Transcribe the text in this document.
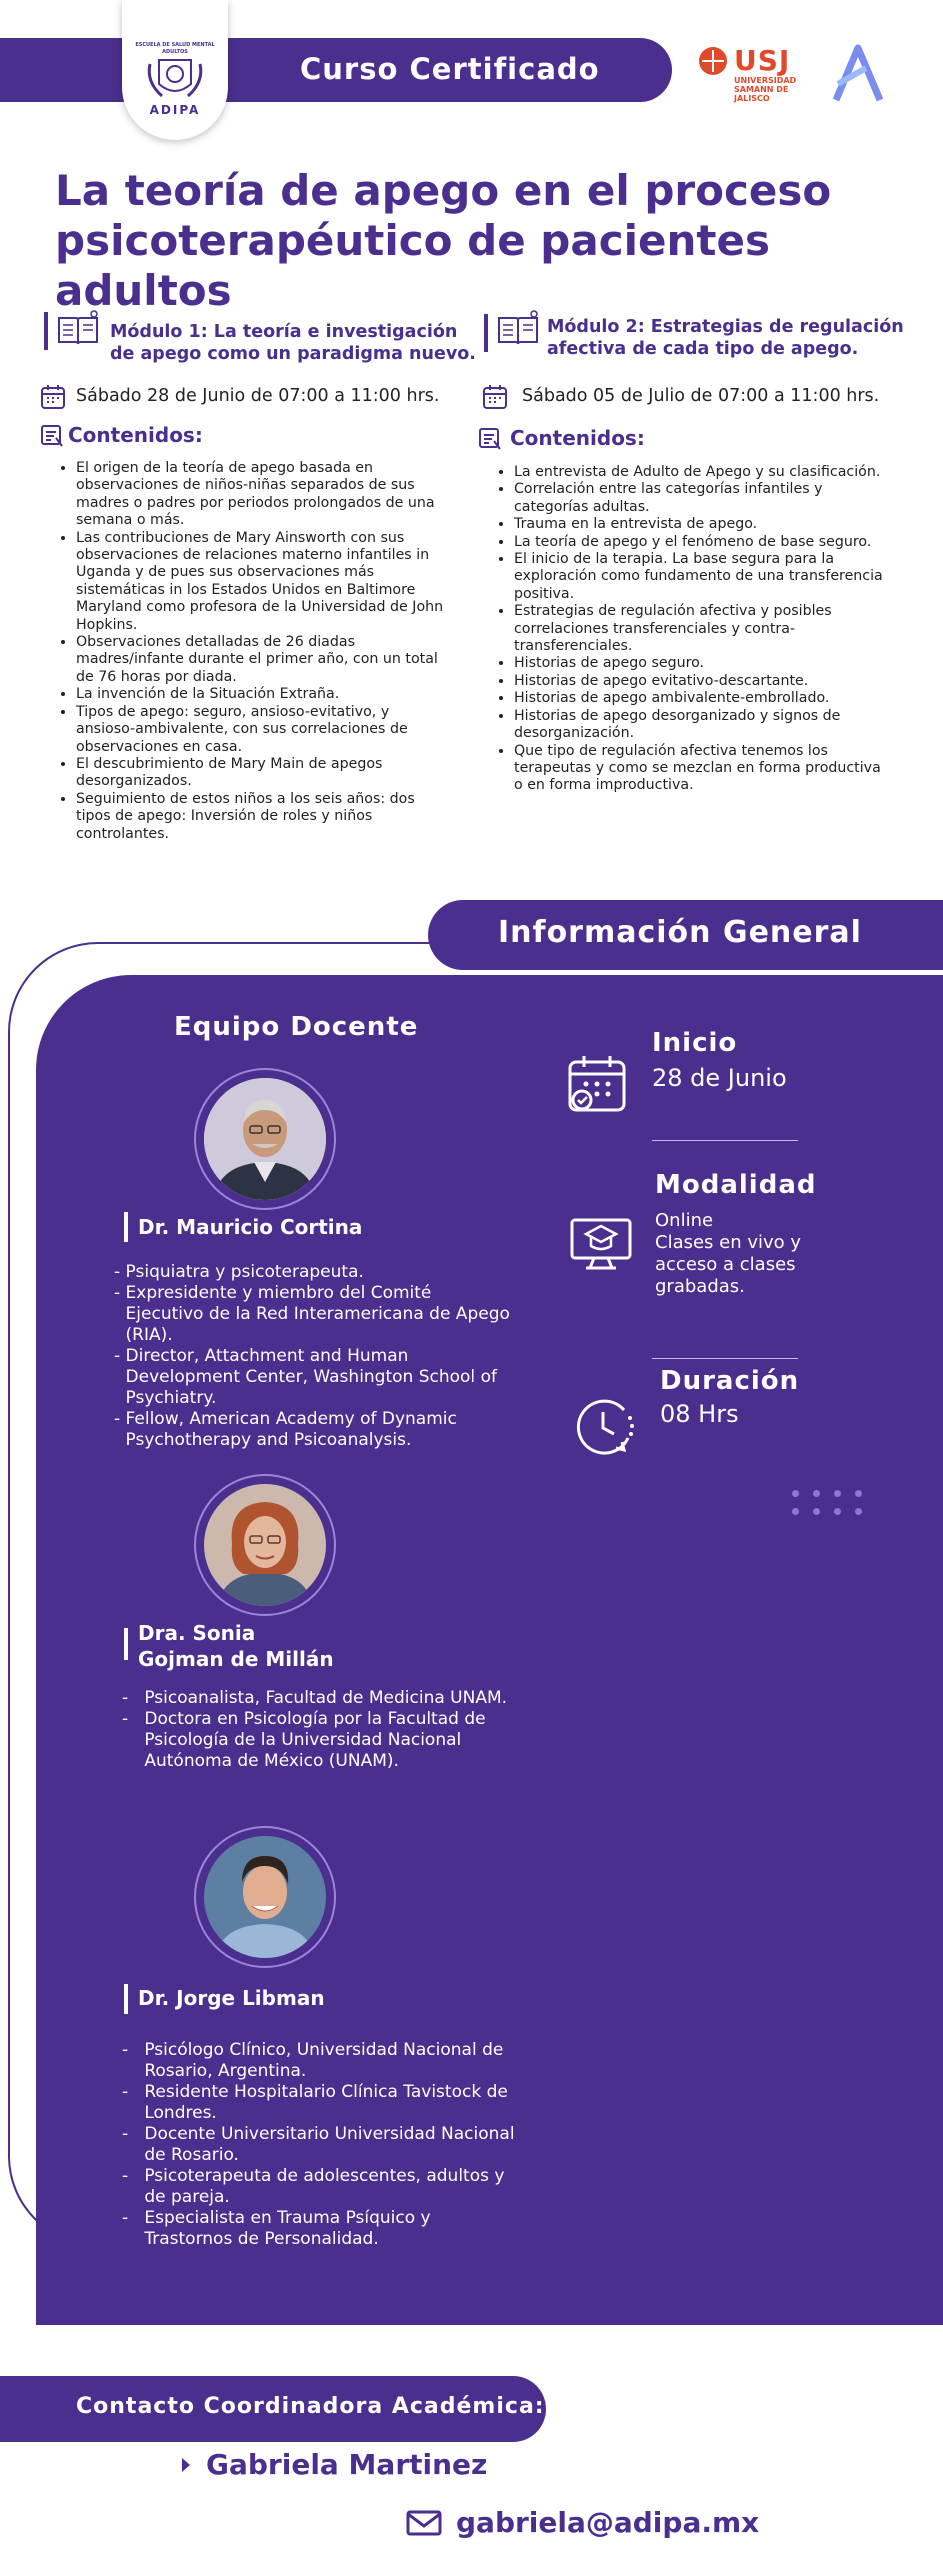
Curso Certificado
ESCUELA DE SALUD MENTAL
ADULTOS
ADIPA
USJ
UNIVERSIDAD SAMANN DE JALISCO
La teoría de apego en el proceso psicoterapéutico de pacientes adultos
Módulo 1: La teoría e investigación de apego como un paradigma nuevo.
Sábado 28 de Junio de 07:00 a 11:00 hrs.
Contenidos:
• El origen de la teoría de apego basada en observaciones de niños-niñas separados de sus madres o padres por periodos prolongados de una semana o más.
• Las contribuciones de Mary Ainsworth con sus observaciones de relaciones materno infantiles in Uganda y de pues sus observaciones más sistemáticas in los Estados Unidos en Baltimore Maryland como profesora de la Universidad de John Hopkins.
• Observaciones detalladas de 26 diadas madres/infante durante el primer año, con un total de 76 horas por diada.
• La invención de la Situación Extraña.
• Tipos de apego: seguro, ansioso-evitativo, y ansioso-ambivalente, con sus correlaciones de observaciones en casa.
• El descubrimiento de Mary Main de apegos desorganizados.
• Seguimiento de estos niños a los seis años: dos tipos de apego: Inversión de roles y niños controlantes.
Módulo 2: Estrategias de regulación afectiva de cada tipo de apego.
Sábado 05 de Julio de 07:00 a 11:00 hrs.
Contenidos:
• La entrevista de Adulto de Apego y su clasificación.
• Correlación entre las categorías infantiles y categorías adultas.
• Trauma en la entrevista de apego.
• La teoría de apego y el fenómeno de base seguro.
• El inicio de la terapia. La base segura para la exploración como fundamento de una transferencia positiva.
• Estrategias de regulación afectiva y posibles correlaciones transferenciales y contra-transferenciales.
• Historias de apego seguro.
• Historias de apego evitativo-descartante.
• Historias de apego ambivalente-embrollado.
• Historias de apego desorganizado y signos de desorganización.
• Que tipo de regulación afectiva tenemos los terapeutas y como se mezclan en forma productiva o en forma improductiva.
Información General
Equipo Docente
Dr. Mauricio Cortina
- Psiquiatra y psicoterapeuta.
- Expresidente y miembro del Comité Ejecutivo de la Red Interamericana de Apego (RIA).
- Director, Attachment and Human Development Center, Washington School of Psychiatry.
- Fellow, American Academy of Dynamic Psychotherapy and Psicoanalysis.
Dra. Sonia
Gojman de Millán
- Psicoanalista, Facultad de Medicina UNAM.
- Doctora en Psicología por la Facultad de Psicología de la Universidad Nacional Autónoma de México (UNAM).
Dr. Jorge Libman
- Psicólogo Clínico, Universidad Nacional de Rosario, Argentina.
- Residente Hospitalario Clínica Tavistock de Londres.
- Docente Universitario Universidad Nacional de Rosario.
- Psicoterapeuta de adolescentes, adultos y de pareja.
- Especialista en Trauma Psíquico y Trastornos de Personalidad.
Inicio
28 de Junio
Modalidad
Online
Clases en vivo y
acceso a clases
grabadas.
Duración
08 Hrs
Contacto Coordinadora Académica:
Gabriela Martinez
gabriela@adipa.mx
